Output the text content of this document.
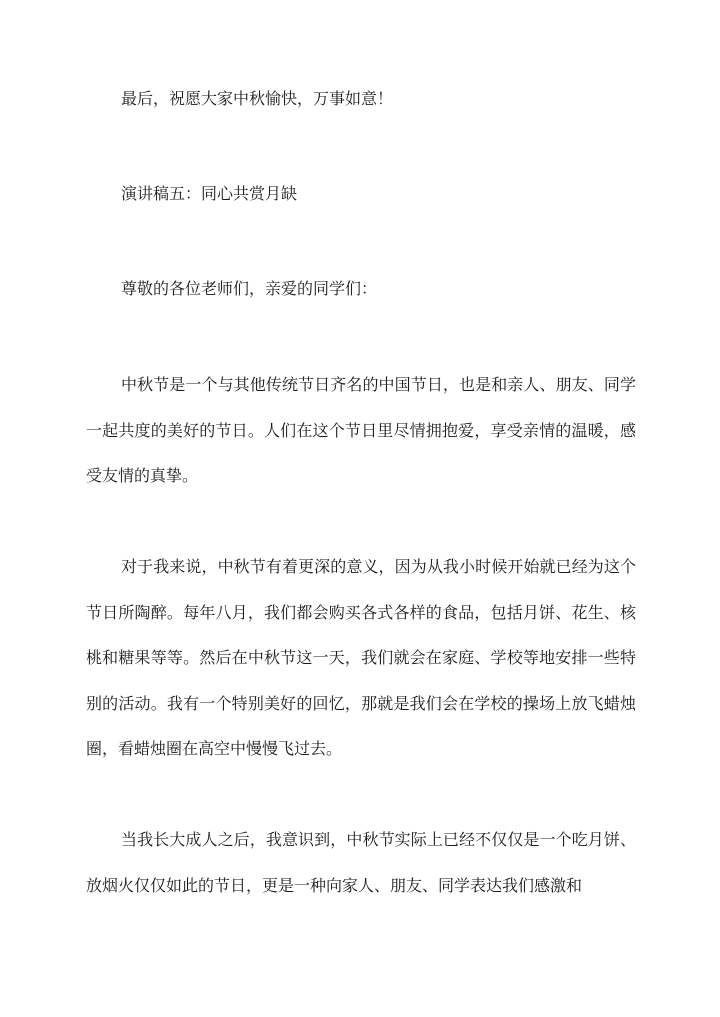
最后，祝愿大家中秋愉快，万事如意！

演讲稿五：同心共赏月缺

尊敬的各位老师们，亲爱的同学们：

中秋节是一个与其他传统节日齐名的中国节日，也是和亲人、朋友、同学一起共度的美好的节日。人们在这个节日里尽情拥抱爱，享受亲情的温暖，感受友情的真挚。

对于我来说，中秋节有着更深的意义，因为从我小时候开始就已经为这个节日所陶醉。每年八月，我们都会购买各式各样的食品，包括月饼、花生、核桃和糖果等等。然后在中秋节这一天，我们就会在家庭、学校等地安排一些特别的活动。我有一个特别美好的回忆，那就是我们会在学校的操场上放飞蜡烛圈，看蜡烛圈在高空中慢慢飞过去。

当我长大成人之后，我意识到，中秋节实际上已经不仅仅是一个吃月饼、放烟火仅仅如此的节日，更是一种向家人、朋友、同学表达我们感激和
